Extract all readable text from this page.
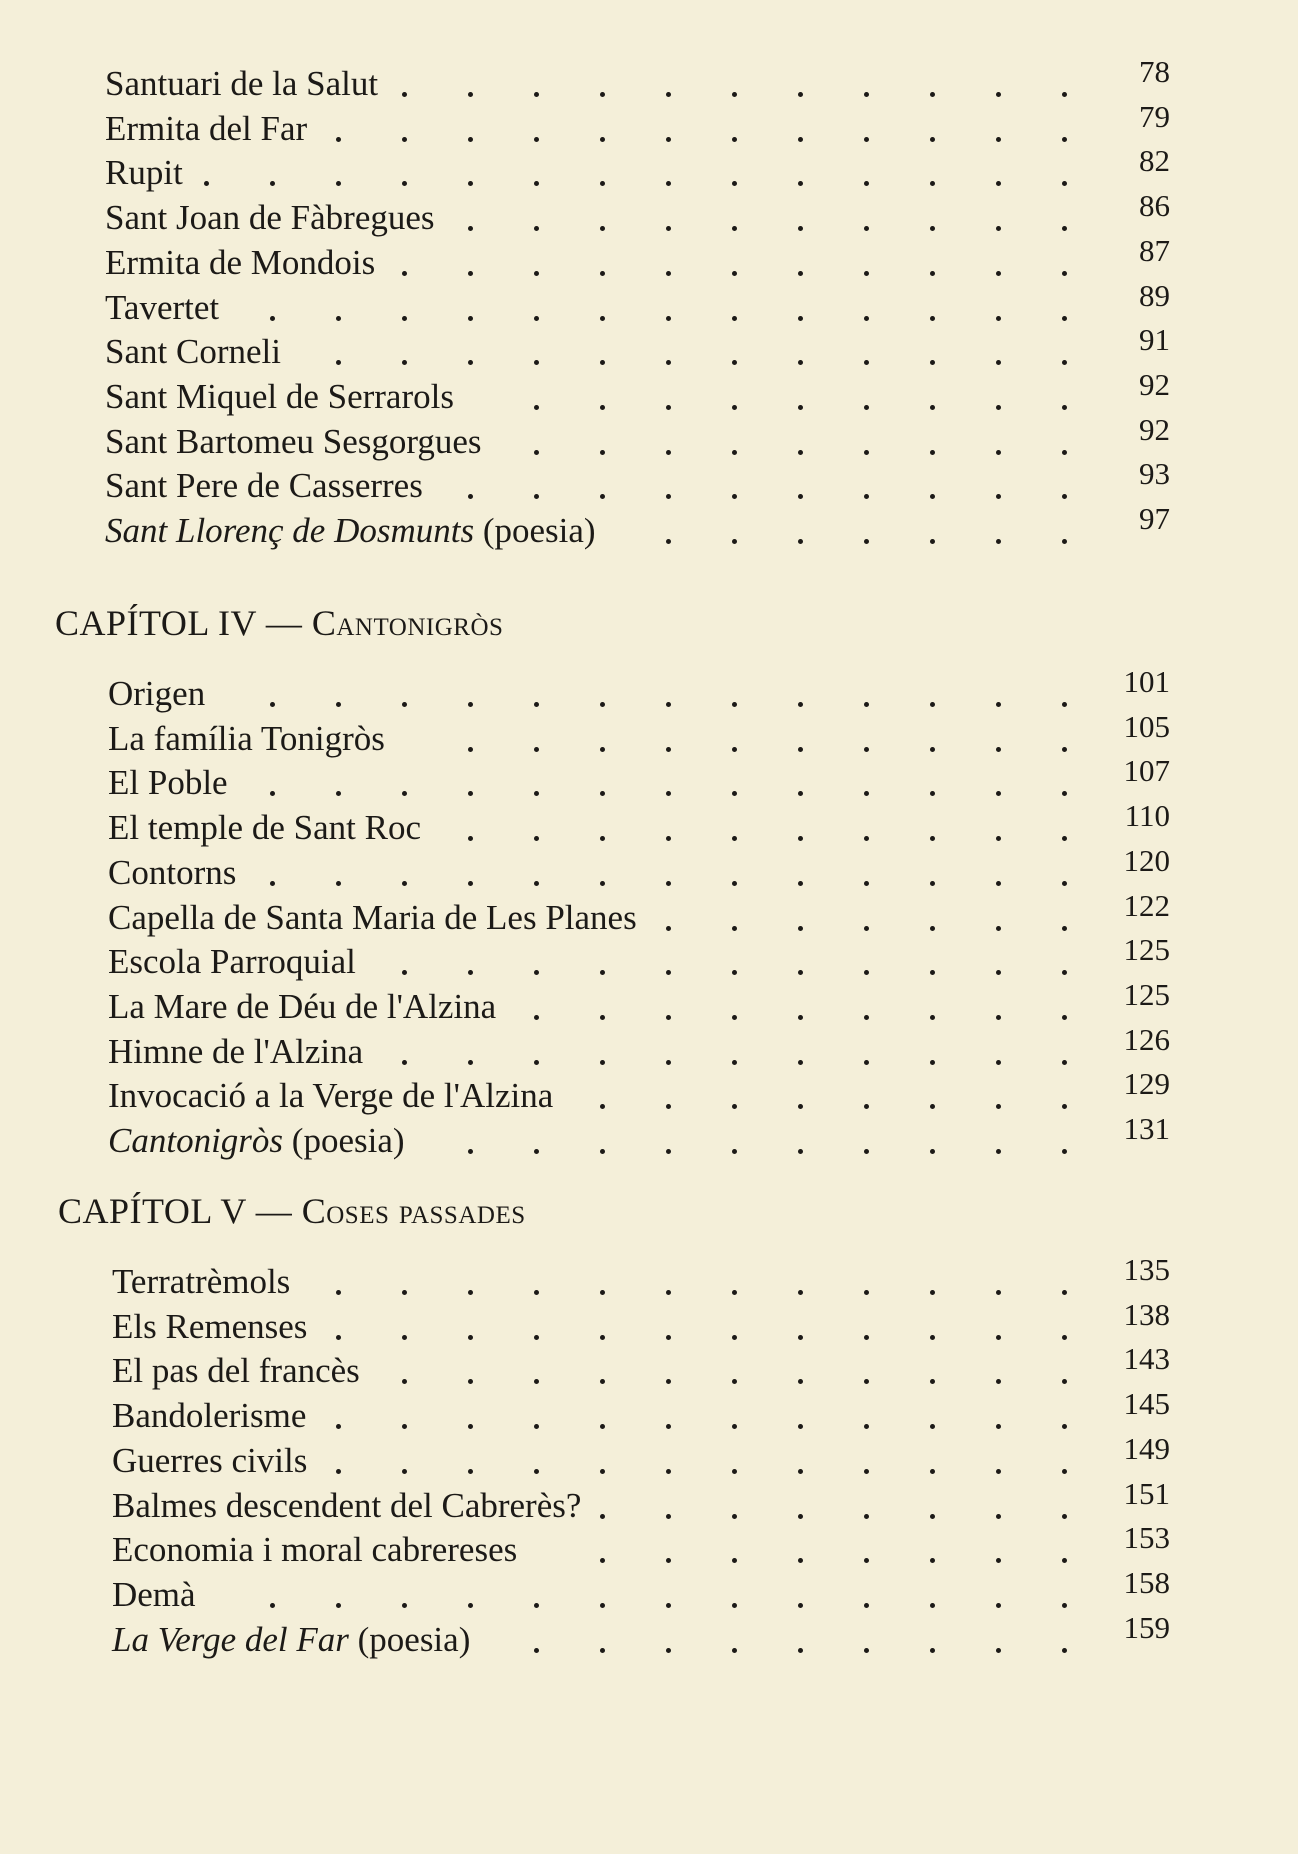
Santuari de la Salut	78
Ermita del Far	79
Rupit	82
Sant Joan de Fàbregues	86
Ermita de Mondois	87
Tavertet	89
Sant Corneli	91
Sant Miquel de Serrarols	92
Sant Bartomeu Sesgorgues	92
Sant Pere de Casserres	93
Sant Llorenç de Dosmunts (poesia)	97
CAPÍTOL IV — Cantonigròs
Origen	101
La família Tonigròs	105
El Poble	107
El temple de Sant Roc	110
Contorns	120
Capella de Santa Maria de Les Planes	122
Escola Parroquial	125
La Mare de Déu de l'Alzina	125
Himne de l'Alzina	126
Invocació a la Verge de l'Alzina	129
Cantonigròs (poesia)	131
CAPÍTOL V — Coses passades
Terratrèmols	135
Els Remenses	138
El pas del francès	143
Bandolerisme	145
Guerres civils	149
Balmes descendent del Cabrerès?	151
Economia i moral cabrereses	153
Demà	158
La Verge del Far (poesia)	159
